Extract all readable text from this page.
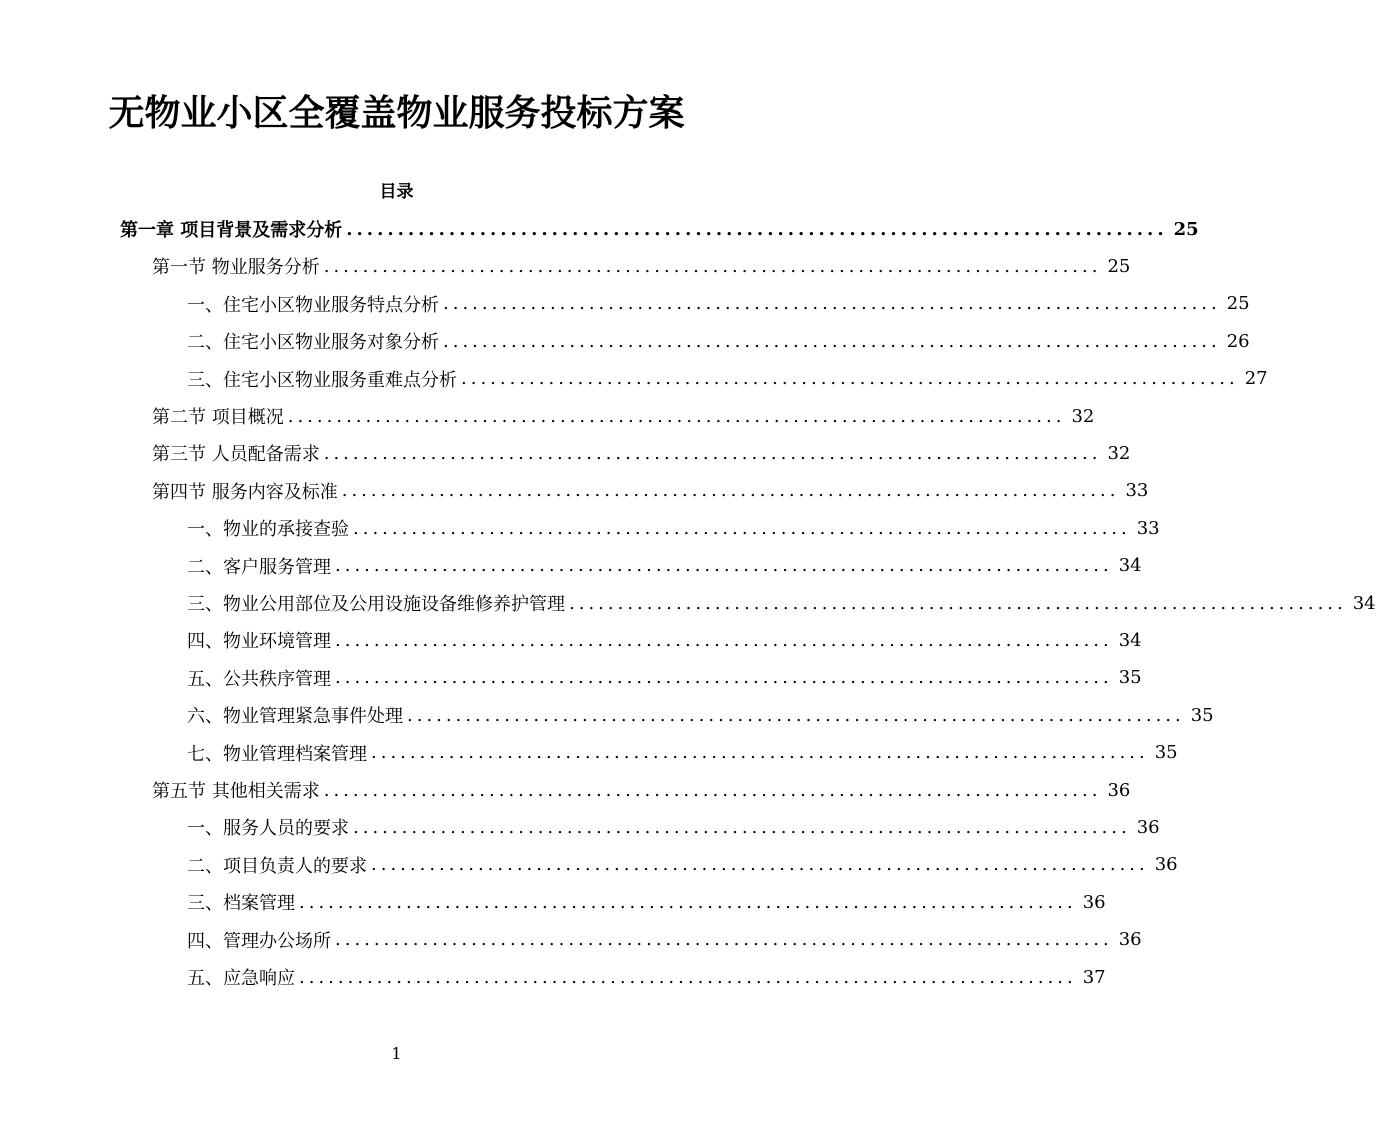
无物业小区全覆盖物业服务投标方案
目录
第一章 项目背景及需求分析 ................................................................................ 25
第一节 物业服务分析 ................................................................................ 25
一、住宅小区物业服务特点分析 ................................................................................ 25
二、住宅小区物业服务对象分析 ................................................................................ 26
三、住宅小区物业服务重难点分析 ................................................................................ 27
第二节 项目概况 ................................................................................ 32
第三节 人员配备需求 ................................................................................ 32
第四节 服务内容及标准 ................................................................................ 33
一、物业的承接查验 ................................................................................ 33
二、客户服务管理 ................................................................................ 34
三、物业公用部位及公用设施设备维修养护管理 ................................................................................ 34
四、物业环境管理 ................................................................................ 34
五、公共秩序管理 ................................................................................ 35
六、物业管理紧急事件处理 ................................................................................ 35
七、物业管理档案管理 ................................................................................ 35
第五节 其他相关需求 ................................................................................ 36
一、服务人员的要求 ................................................................................ 36
二、项目负责人的要求 ................................................................................ 36
三、档案管理 ................................................................................ 36
四、管理办公场所 ................................................................................ 36
五、应急响应 ................................................................................ 37
1
